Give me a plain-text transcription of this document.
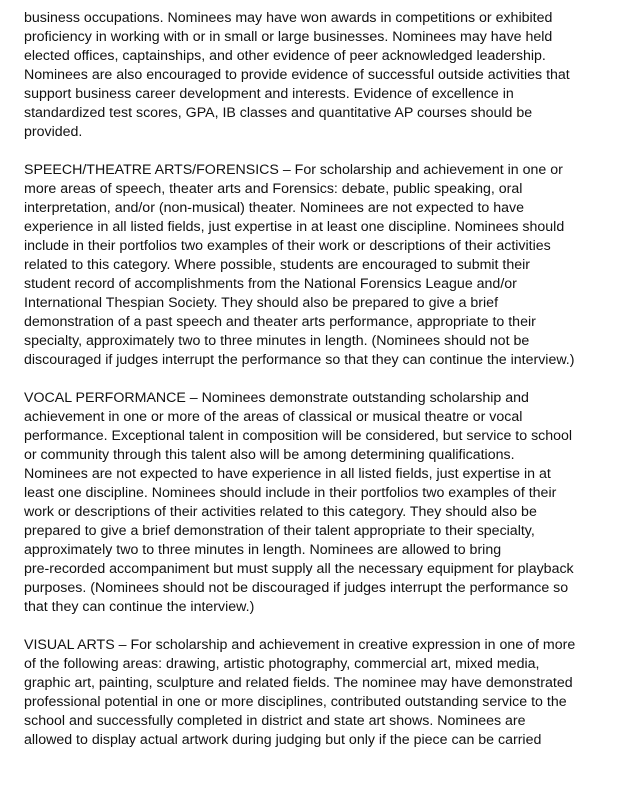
business occupations. Nominees may have won awards in competitions or exhibited
proficiency in working with or in small or large businesses. Nominees may have held
elected offices, captainships, and other evidence of peer acknowledged leadership.
Nominees are also encouraged to provide evidence of successful outside activities that
support business career development and interests. Evidence of excellence in
standardized test scores, GPA, IB classes and quantitative AP courses should be
provided.
SPEECH/THEATRE ARTS/FORENSICS – For scholarship and achievement in one or
more areas of speech, theater arts and Forensics: debate, public speaking, oral
interpretation, and/or (non-musical) theater. Nominees are not expected to have
experience in all listed fields, just expertise in at least one discipline. Nominees should
include in their portfolios two examples of their work or descriptions of their activities
related to this category. Where possible, students are encouraged to submit their
student record of accomplishments from the National Forensics League and/or
International Thespian Society. They should also be prepared to give a brief
demonstration of a past speech and theater arts performance, appropriate to their
specialty, approximately two to three minutes in length. (Nominees should not be
discouraged if judges interrupt the performance so that they can continue the interview.)
VOCAL PERFORMANCE – Nominees demonstrate outstanding scholarship and
achievement in one or more of the areas of classical or musical theatre or vocal
performance. Exceptional talent in composition will be considered, but service to school
or community through this talent also will be among determining qualifications.
Nominees are not expected to have experience in all listed fields, just expertise in at
least one discipline. Nominees should include in their portfolios two examples of their
work or descriptions of their activities related to this category. They should also be
prepared to give a brief demonstration of their talent appropriate to their specialty,
approximately two to three minutes in length. Nominees are allowed to bring
pre-recorded accompaniment but must supply all the necessary equipment for playback
purposes. (Nominees should not be discouraged if judges interrupt the performance so
that they can continue the interview.)
VISUAL ARTS – For scholarship and achievement in creative expression in one of more
of the following areas: drawing, artistic photography, commercial art, mixed media,
graphic art, painting, sculpture and related fields. The nominee may have demonstrated
professional potential in one or more disciplines, contributed outstanding service to the
school and successfully completed in district and state art shows. Nominees are
allowed to display actual artwork during judging but only if the piece can be carried
